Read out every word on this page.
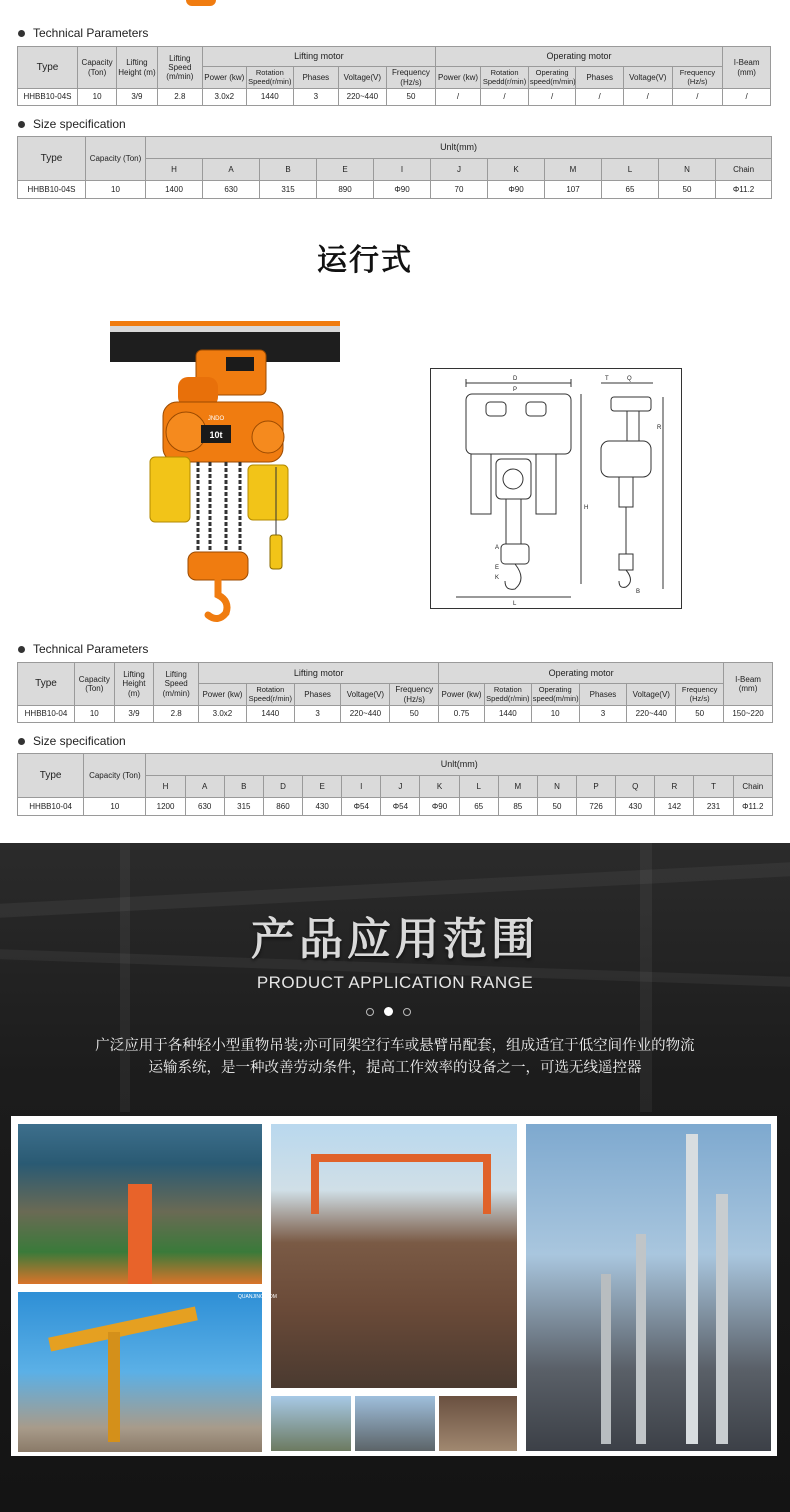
Technical Parameters
Type	Capacity (Ton)	Lifting Height (m)	Lifting Speed (m/min)	Lifting motor					Operating motor						I-Beam (mm)
				Power (kw)	Rotation Speed(r/min)	Phases	Voltage(V)	Frequency (Hz/s)	Power (kw)	Rotation Spedd(r/min)	Operating speed(m/min)	Phases	Voltage(V)	Frequency (Hz/s)	
HHBB10-04S	10	3/9	2.8	3.0x2	1440	3	220~440	50	/	/	/	/	/	/	/
Size specification
Type	Capacity (Ton)	Unlt(mm)										
		H	A	B	E	I	J	K	M	L	N	Chain
HHBB10-04S	10	1400	630	315	890	Φ90	70	Φ90	107	65	50	Φ11.2
运行式
10t
JNDO
D
P
Q
T
R
H
B
L
E
A
K
Technical Parameters
Type	Capacity (Ton)	Lifting Height (m)	Lifting Speed (m/min)	Lifting motor					Operating motor						I-Beam (mm)
				Power (kw)	Rotation Speed(r/min)	Phases	Voltage(V)	Frequency (Hz/s)	Power (kw)	Rotation Spedd(r/min)	Operating speed(m/min)	Phases	Voltage(V)	Frequency (Hz/s)	
HHBB10-04	10	3/9	2.8	3.0x2	1440	3	220~440	50	0.75	1440	10	3	220~440	50	150~220
Size specification
Type	Capacity (Ton)	Unlt(mm)															
		H	A	B	D	E	I	J	K	L	M	N	P	Q	R	T	Chain
HHBB10-04	10	1200	630	315	860	430	Φ54	Φ54	Φ90	65	85	50	726	430	142	231	Φ11.2
产品应用范围
PRODUCT APPLICATION RANGE
广泛应用于各种轻小型重物吊装;亦可同架空行车或悬臂吊配套，组成适宜于低空间作业的物流
运输系统，是一种改善劳动条件，提高工作效率的设备之一，可选无线遥控器
QUANJING.COM
